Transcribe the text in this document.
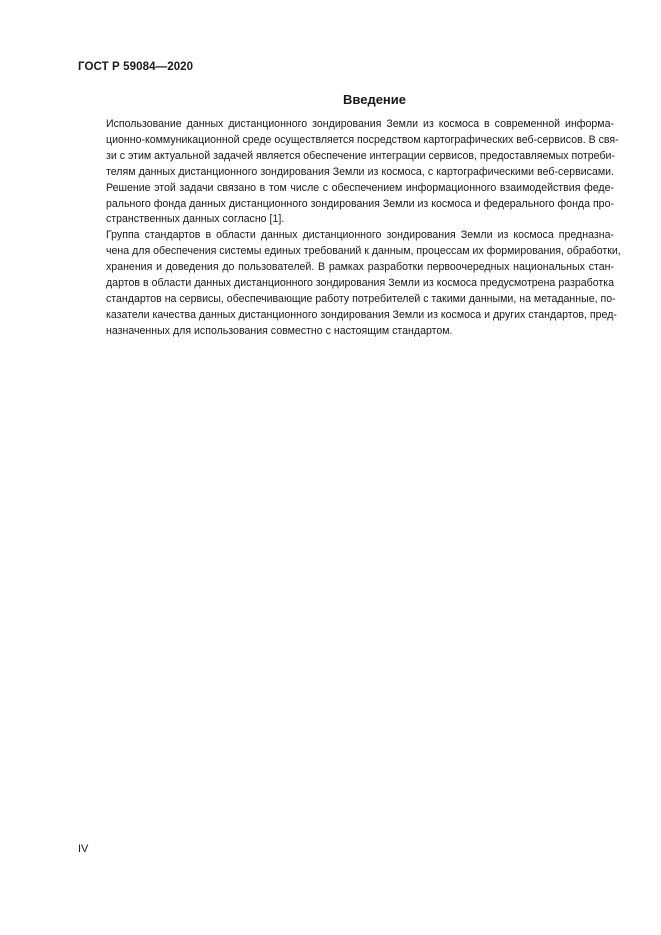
ГОСТ Р 59084—2020
Введение

Использование данных дистанционного зондирования Земли из космоса в современной информа-
ционно-коммуникационной среде осуществляется посредством картографических веб-сервисов. В свя-
зи с этим актуальной задачей является обеспечение интеграции сервисов, предоставляемых потреби-
телям данных дистанционного зондирования Земли из космоса, с картографическими веб-сервисами.
Решение этой задачи связано в том числе с обеспечением информационного взаимодействия феде-
рального фонда данных дистанционного зондирования Земли из космоса и федерального фонда про-
странственных данных согласно [1].

Группа стандартов в области данных дистанционного зондирования Земли из космоса предназна-
чена для обеспечения системы единых требований к данным, процессам их формирования, обработки,
хранения и доведения до пользователей. В рамках разработки первоочередных национальных стан-
дартов в области данных дистанционного зондирования Земли из космоса предусмотрена разработка
стандартов на сервисы, обеспечивающие работу потребителей с такими данными, на метаданные, по-
казатели качества данных дистанционного зондирования Земли из космоса и других стандартов, пред-
назначенных для использования совместно с настоящим стандартом.

IV
